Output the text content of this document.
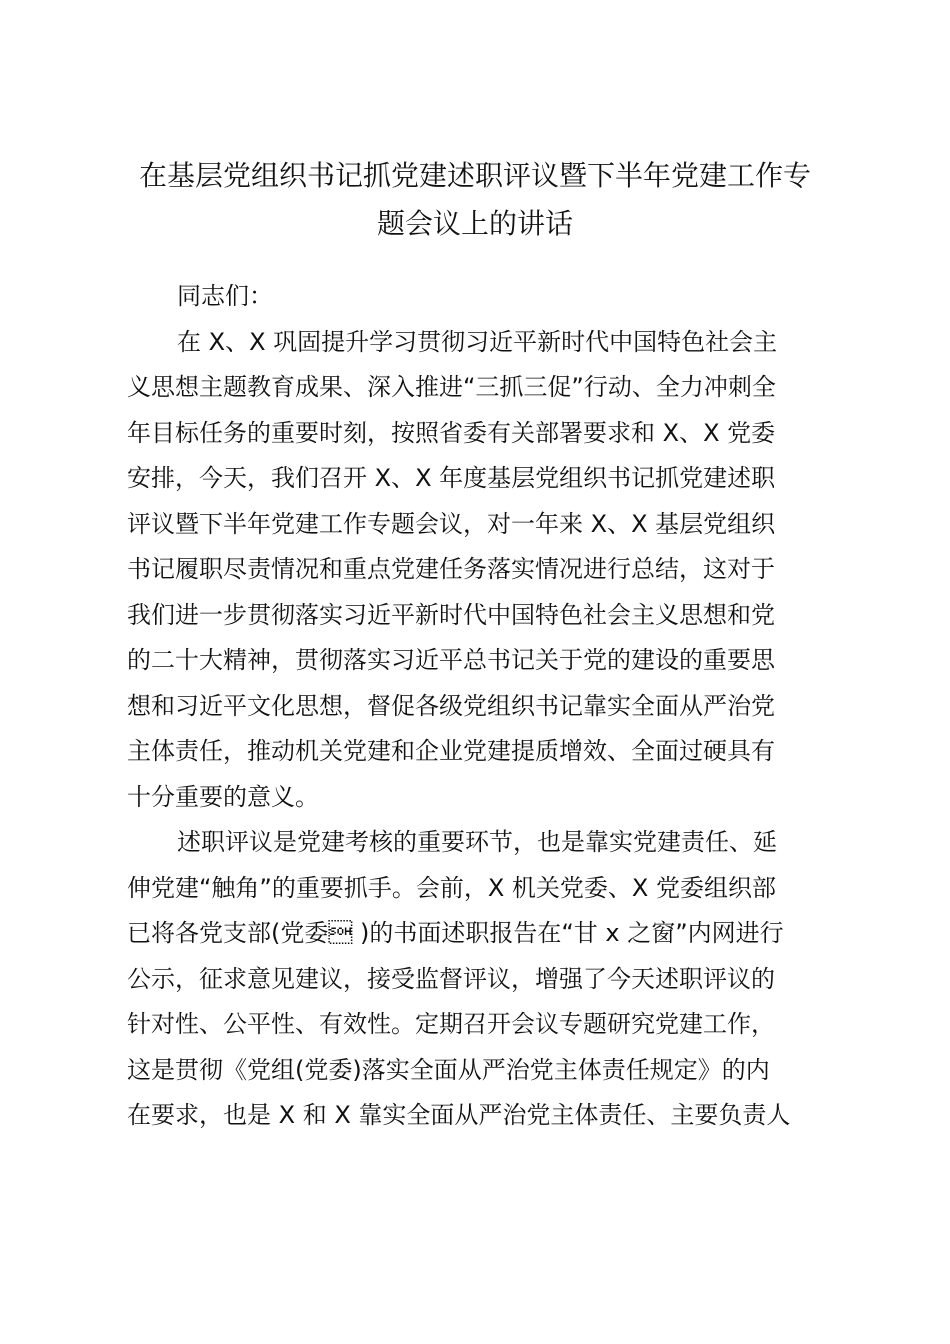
在基层党组织书记抓党建述职评议暨下半年党建工作专
题会议上的讲话

同志们：

在 X、X 巩固提升学习贯彻习近平新时代中国特色社会主
义思想主题教育成果、深入推进“三抓三促”行动、全力冲刺全
年目标任务的重要时刻，按照省委有关部署要求和 X、X 党委
安排，今天，我们召开 X、X 年度基层党组织书记抓党建述职
评议暨下半年党建工作专题会议，对一年来 X、X 基层党组织
书记履职尽责情况和重点党建任务落实情况进行总结，这对于
我们进一步贯彻落实习近平新时代中国特色社会主义思想和党
的二十大精神，贯彻落实习近平总书记关于党的建设的重要思
想和习近平文化思想，督促各级党组织书记靠实全面从严治党
主体责任，推动机关党建和企业党建提质增效、全面过硬具有
十分重要的意义。

述职评议是党建考核的重要环节，也是靠实党建责任、延
伸党建“触角”的重要抓手。会前，X 机关党委、X 党委组织部
已将各党支部(党委 )的书面述职报告在“甘 x 之窗”内网进行
公示，征求意见建议，接受监督评议，增强了今天述职评议的
针对性、公平性、有效性。定期召开会议专题研究党建工作，
这是贯彻《党组(党委)落实全面从严治党主体责任规定》的内
在要求，也是 X 和 X 靠实全面从严治党主体责任、主要负责人
